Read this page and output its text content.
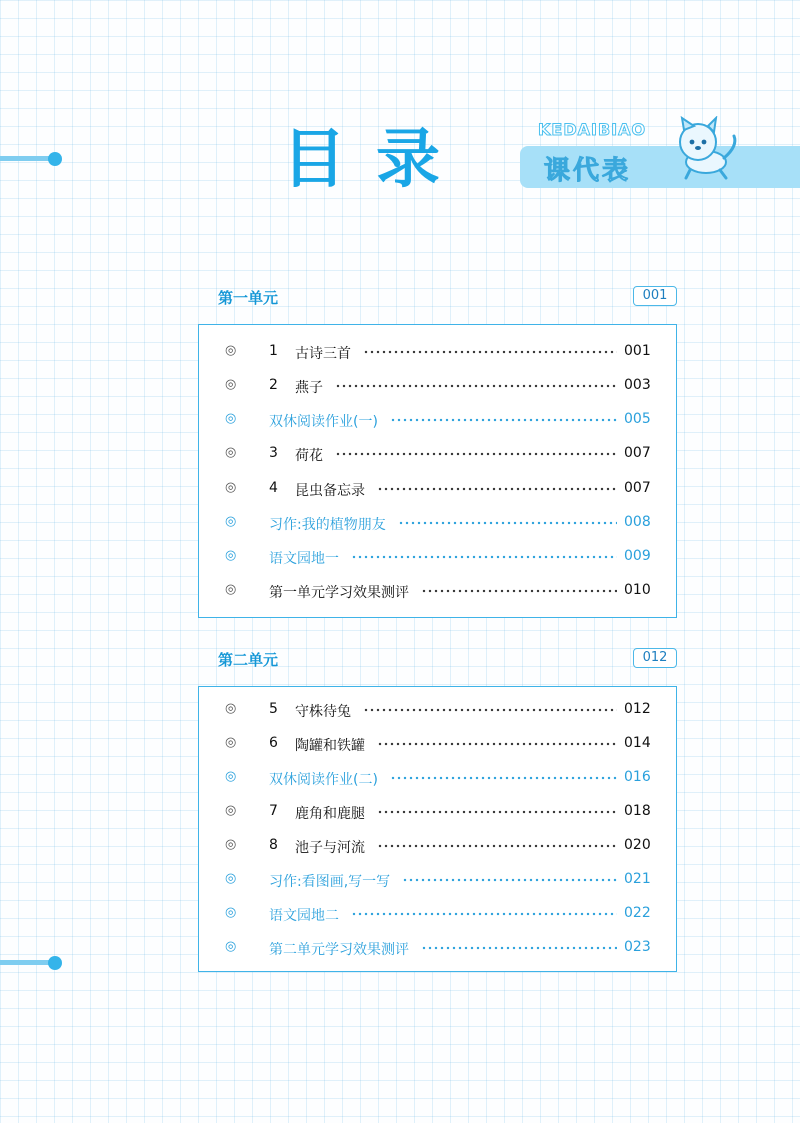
目录	KEDAIBIAO
课代表
第一单元	001
◎ 1 古诗三首	001
◎ 2 燕子	003
◎ 双休阅读作业(一)	005
◎ 3 荷花	007
◎ 4 昆虫备忘录	007
◎ 习作:我的植物朋友	008
◎ 语文园地一	009
◎ 第一单元学习效果测评	010
第二单元	012
◎ 5 守株待兔	012
◎ 6 陶罐和铁罐	014
◎ 双休阅读作业(二)	016
◎ 7 鹿角和鹿腿	018
◎ 8 池子与河流	020
◎ 习作:看图画,写一写	021
◎ 语文园地二	022
◎ 第二单元学习效果测评	023
